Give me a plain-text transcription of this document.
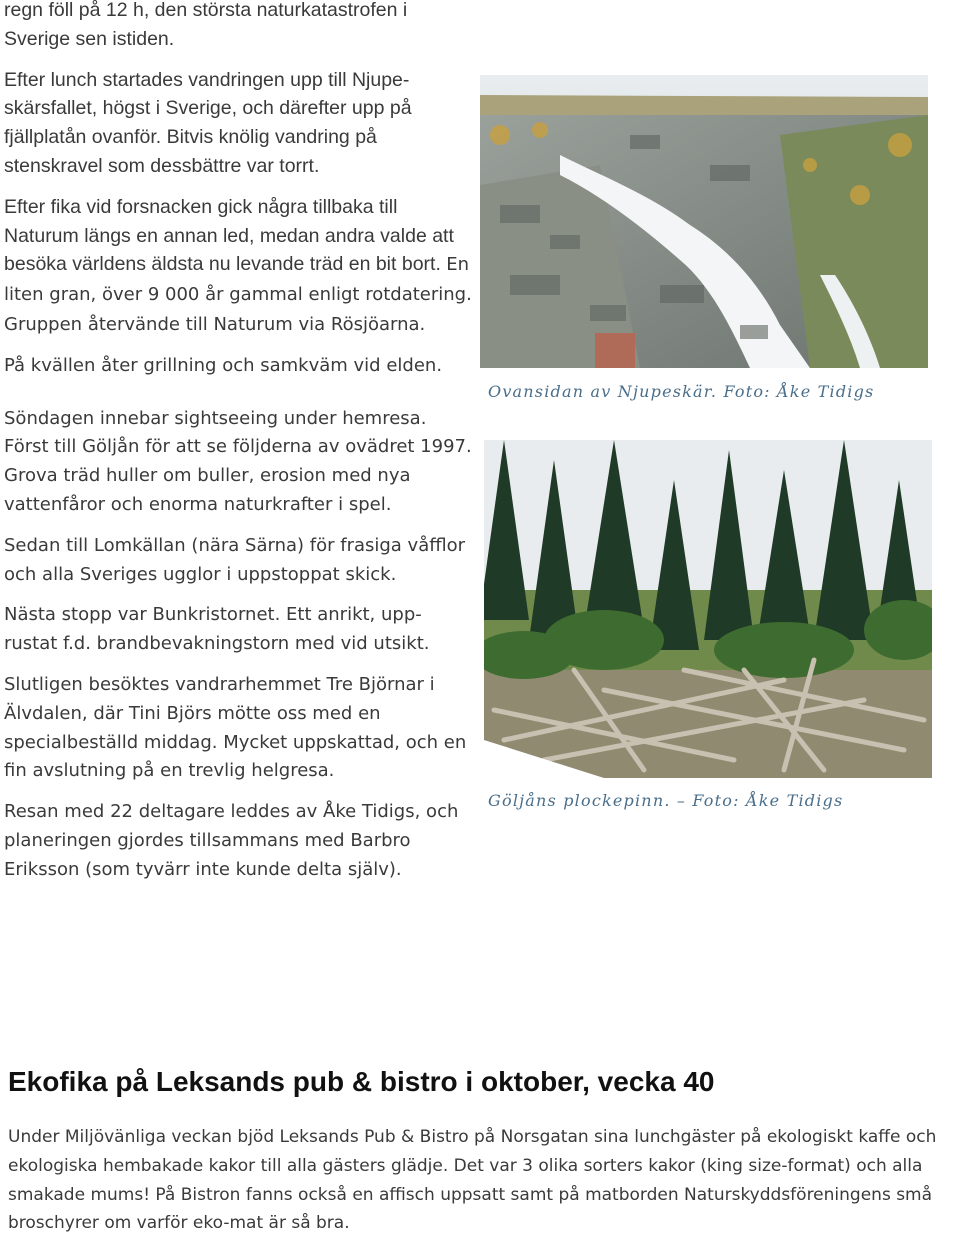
regn föll på 12 h, den största naturkatastrofen i Sverige sen istiden.

Efter lunch startades vandringen upp till Njupe-skärsfallet, högst i Sverige, och därefter upp på fjällplatån ovanför. Bitvis knölig vandring på stenskravel som dessbättre var torrt.

Efter fika vid forsnacken gick några tillbaka till Naturum längs en annan led, medan andra valde att besöka världens äldsta nu levande träd en bit bort. En liten gran, över 9 000 år gammal enligt rotdatering. Gruppen återvände till Naturum via Rösjöarna.

På kvällen åter grillning och samkväm vid elden.

Söndagen innebar sightseeing under hemresa. Först till Göljån för att se följderna av ovädret 1997. Grova träd huller om buller, erosion med nya vattenfåror och enorma naturkrafter i spel.

Sedan till Lomkällan (nära Särna) för frasiga våfflor och alla Sveriges ugglor i uppstoppat skick.

Nästa stopp var Bunkristornet. Ett anrikt, upp-rustat f.d. brandbevakningstorn med vid utsikt.

Slutligen besöktes vandrarhemmet Tre Björnar i Älvdalen, där Tini Björs mötte oss med en specialbeställd middag. Mycket uppskattad, och en fin avslutning på en trevlig helgresa.

Resan med 22 deltagare leddes av Åke Tidigs, och planeringen gjordes tillsammans med Barbro Eriksson (som tyvärr inte kunde delta själv).

Ovansidan av Njupeskär. Foto: Åke Tidigs
Göljåns plockepinn. – Foto: Åke Tidigs
Ekofika på Leksands pub & bistro i oktober, vecka 40

Under Miljövänliga veckan bjöd Leksands Pub & Bistro på Norsgatan sina lunchgäster på ekologiskt kaffe och ekologiska hembakade kakor till alla gästers glädje. Det var 3 olika sorters kakor (king size-format) och alla smakade mums! På Bistron fanns också en affisch uppsatt samt på matborden Naturskyddsföreningens små broschyrer om varför eko-mat är så bra.
